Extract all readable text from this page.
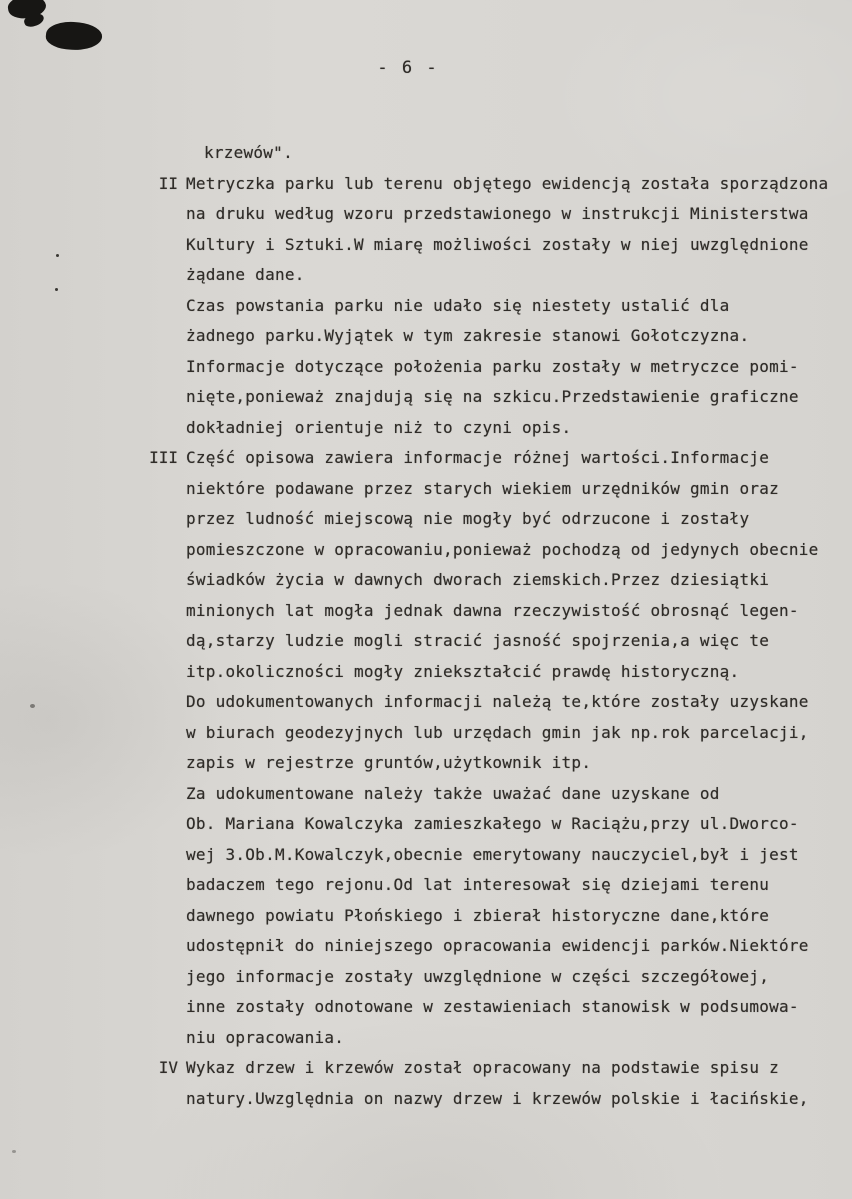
- 6 -
krzewów".
II Metryczka parku lub terenu objętego ewidencją została sporządzona
na druku według wzoru przedstawionego w instrukcji Ministerstwa
Kultury i Sztuki.W miarę możliwości zostały w niej uwzględnione
żądane dane.
Czas powstania parku nie udało się niestety ustalić dla
żadnego parku.Wyjątek w tym zakresie stanowi Gołotczyzna.
Informacje dotyczące położenia parku zostały w metryczce pomi-
nięte,ponieważ znajdują się na szkicu.Przedstawienie graficzne
dokładniej orientuje niż to czyni opis.
III Część opisowa zawiera informacje różnej wartości.Informacje
niektóre podawane przez starych wiekiem urzędników gmin oraz
przez ludność miejscową nie mogły być odrzucone i zostały
pomieszczone w opracowaniu,ponieważ pochodzą od jedynych obecnie
świadków życia w dawnych dworach ziemskich.Przez dziesiątki
minionych lat mogła jednak dawna rzeczywistość obrosnąć legen-
dą,starzy ludzie mogli stracić jasność spojrzenia,a więc te
itp.okoliczności mogły zniekształcić prawdę historyczną.
Do udokumentowanych informacji należą te,które zostały uzyskane
w biurach geodezyjnych lub urzędach gmin jak np.rok parcelacji,
zapis w rejestrze gruntów,użytkownik itp.
Za udokumentowane należy także uważać dane uzyskane od
Ob. Mariana Kowalczyka zamieszkałego w Raciążu,przy ul.Dworco-
wej 3.Ob.M.Kowalczyk,obecnie emerytowany nauczyciel,był i jest
badaczem tego rejonu.Od lat interesował się dziejami terenu
dawnego powiatu Płońskiego i zbierał historyczne dane,które
udostępnił do niniejszego opracowania ewidencji parków.Niektóre
jego informacje zostały uwzględnione w części szczegółowej,
inne zostały odnotowane w zestawieniach stanowisk w podsumowa-
niu opracowania.
IV Wykaz drzew i krzewów został opracowany na podstawie spisu z
natury.Uwzględnia on nazwy drzew i krzewów polskie i łacińskie,
